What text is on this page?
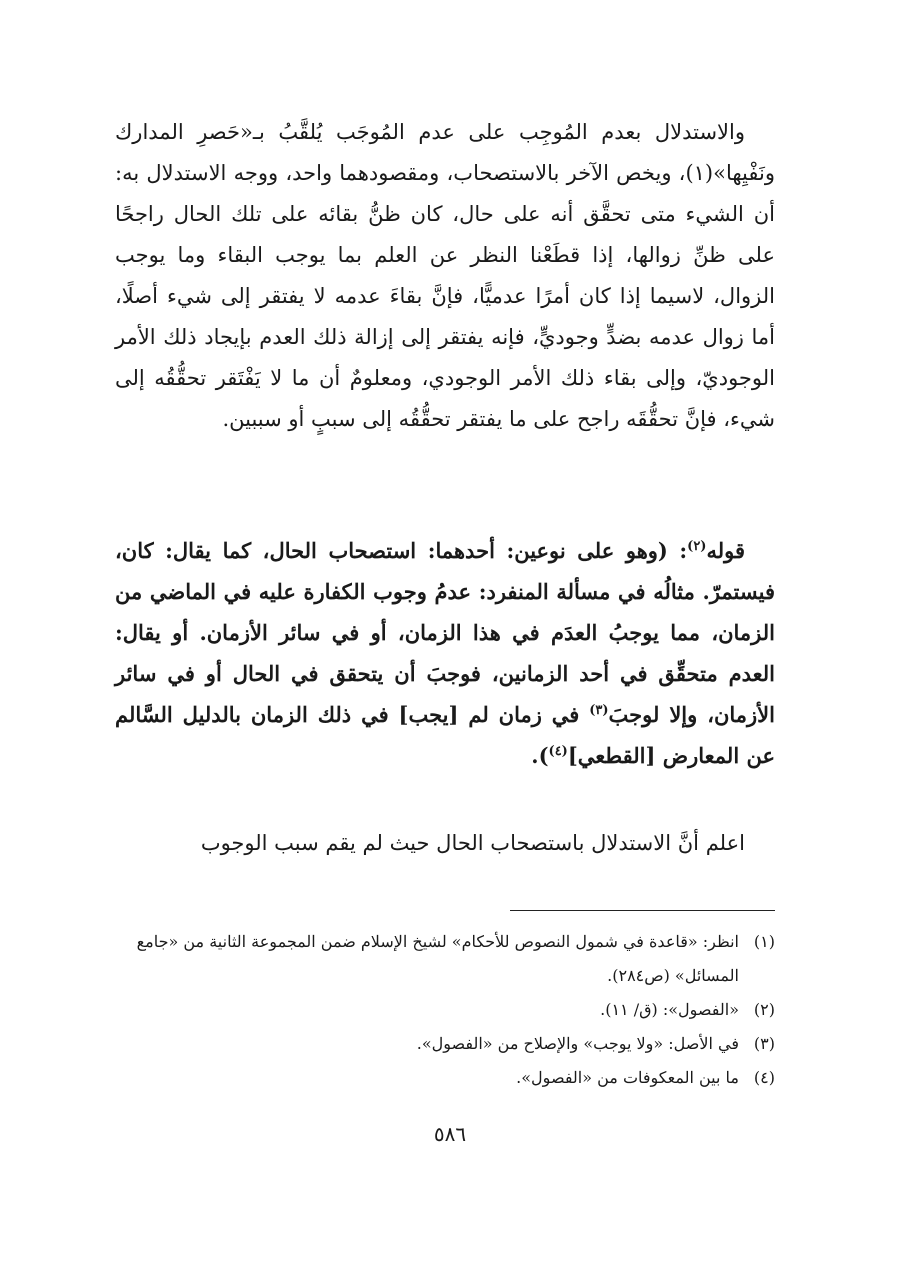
والاستدلال بعدم المُوجِب على عدم المُوجَب يُلقَّبُ بـ«حَصرِ المدارك ونَفْيِها»(١)، ويخص الآخر بالاستصحاب، ومقصودهما واحد، ووجه الاستدلال به: أن الشيء متى تحقَّق أنه على حال، كان ظنُّ بقائه على تلك الحال راجحًا على ظنِّ زوالها، إذا قطَعْنا النظر عن العلم بما يوجب البقاء وما يوجب الزوال، لاسيما إذا كان أمرًا عدميًّا، فإنَّ بقاءَ عدمه لا يفتقر إلى شيء أصلًا، أما زوال عدمه بضدٍّ وجوديٍّ، فإنه يفتقر إلى إزالة ذلك العدم بإيجاد ذلك الأمر الوجوديّ، وإلى بقاء ذلك الأمر الوجودي، ومعلومٌ أن ما لا يَفْتَقر تحقُّقُه إلى شيء، فإنَّ تحقُّقَه راجح على ما يفتقر تحقُّقُه إلى سببٍ أو سببين.

قوله$^{(٢)}$: (وهو على نوعين: أحدهما: استصحاب الحال، كما يقال: كان، فيستمرّ. مثالُه في مسألة المنفرد: عدمُ وجوب الكفارة عليه في الماضي من الزمان، مما يوجبُ العدَم في هذا الزمان، أو في سائر الأزمان. أو يقال: العدم متحقِّق في أحد الزمانين، فوجبَ أن يتحقق في الحال أو في سائر الأزمان، وإلا لوجبَ$^{(٣)}$ في زمان لم [يجب] في ذلك الزمان بالدليل السَّالم عن المعارض [القطعي]$^{(٤)}$).

اعلم أنَّ الاستدلال باستصحاب الحال حيث لم يقم سبب الوجوب

(١)
انظر: «قاعدة في شمول النصوص للأحكام» لشيخ الإسلام ضمن المجموعة الثانية من «جامع المسائل» (ص٢٨٤).
(٢)
«الفصول»: (ق/ ١١).
(٣)
في الأصل: «ولا يوجب» والإصلاح من «الفصول».
(٤)
ما بين المعكوفات من «الفصول».
٥٨٦
